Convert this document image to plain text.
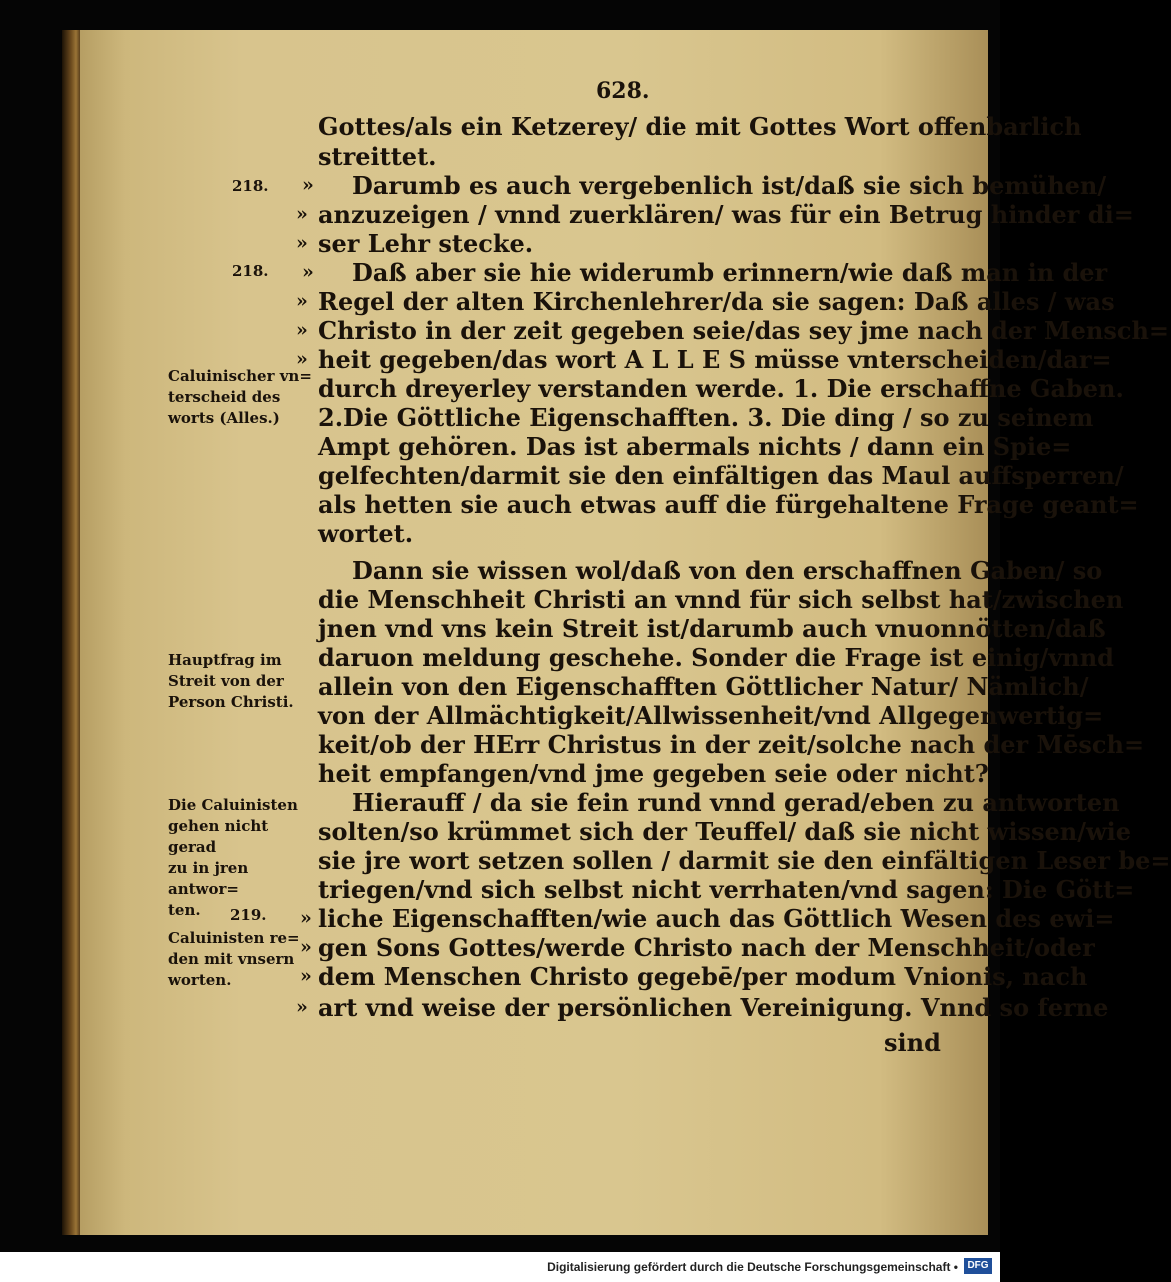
628.
Gottes/als ein Ketzerey/ die mit Gottes Wort offenbarlich
streittet.
Darumb es auch vergebenlich ist/daß sie sich bemühen/
anzuzeigen / vnnd zuerklären/ was für ein Betrug hinder di=
ser Lehr stecke.
Daß aber sie hie widerumb erinnern/wie daß man in der
Regel der alten Kirchenlehrer/da sie sagen: Daß alles / was
Christo in der zeit gegeben seie/das sey jme nach der Mensch=
heit gegeben/das wort A L L E S müsse vnterscheiden/dar=
durch dreyerley verstanden werde. 1. Die erschaffne Gaben.
2.Die Göttliche Eigenschafften. 3. Die ding / so zu seinem
Ampt gehören. Das ist abermals nichts / dann ein Spie=
gelfechten/darmit sie den einfältigen das Maul auffsperren/
als hetten sie auch etwas auff die fürgehaltene Frage geant=
wortet.
Dann sie wissen wol/daß von den erschaffnen Gaben/ so
die Menschheit Christi an vnnd für sich selbst hat/zwischen
jnen vnd vns kein Streit ist/darumb auch vnuonnötten/daß
daruon meldung geschehe. Sonder die Frage ist einig/vnnd
allein von den Eigenschafften Göttlicher Natur/ Nämlich/
von der Allmächtigkeit/Allwissenheit/vnd Allgegenwertig=
keit/ob der HErr Christus in der zeit/solche nach der Mēsch=
heit empfangen/vnd jme gegeben seie oder nicht?
Hierauff / da sie fein rund vnnd gerad/eben zu antworten
solten/so krümmet sich der Teuffel/ daß sie nicht wissen/wie
sie jre wort setzen sollen / darmit sie den einfältigen Leser be=
triegen/vnd sich selbst nicht verrhaten/vnd sagen: Die Gött=
liche Eigenschafften/wie auch das Göttlich Wesen des ewi=
gen Sons Gottes/werde Christo nach der Menschheit/oder
dem Menschen Christo gegebē/per modum Vnionis, nach
art vnd weise der persönlichen Vereinigung. Vnnd so ferne
sind
218.
218.
219.
»
»
»
»
»
»
»
»
»
»
»
Caluinischer vn=
terscheid des
worts (Alles.)
Hauptfrag im
Streit von der
Person Christi.
Die Caluinisten
gehen nicht gerad
zu in jren antwor=
ten.
Caluinisten re=
den mit vnsern
worten.
Digitalisierung gefördert durch die Deutsche Forschungsgemeinschaft • DFG
